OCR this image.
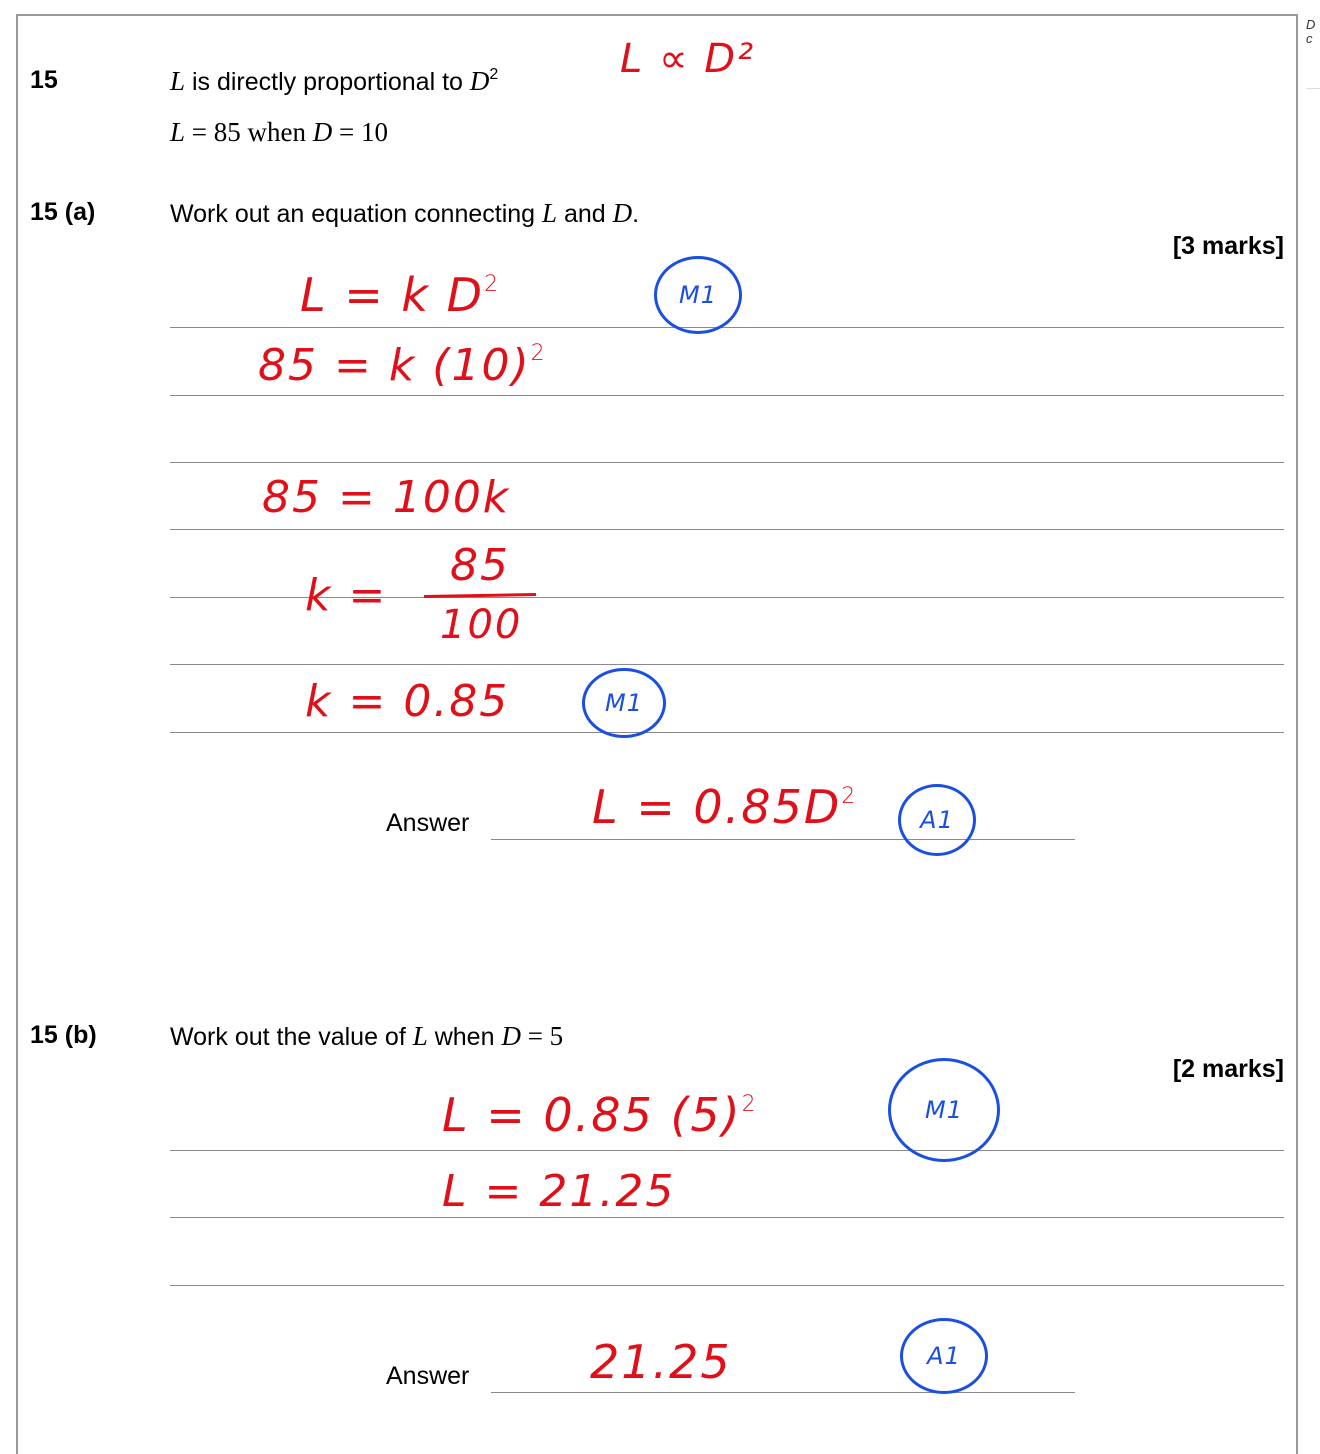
D c
15	L is directly proportional to $D^2$
L = 85 when D = 10
L ∝ D²
15 (a)	Work out an equation connecting L and D.
[3 marks]
L = k $D^2$	M1
85 = k $(10)^2$
85 = 100k
k =
85
100
k = 0.85	M1
Answer	$L = 0.85D^2$
A1
15 (b)	Work out the value of L when D = 5
[2 marks]
L = 0.85 $(5)^2$	M1
L = 21.25
Answer	21.25	A1
